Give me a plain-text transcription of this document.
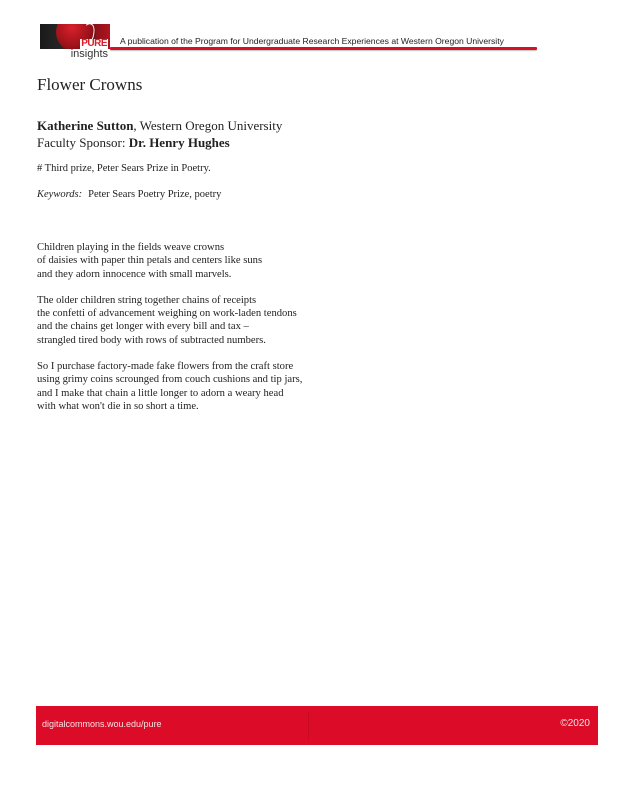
PURE
insights
A publication of the Program for Undergraduate Research Experiences at Western Oregon University
Flower Crowns
Katherine Sutton, Western Oregon University
Faculty Sponsor: Dr. Henry Hughes
# Third prize, Peter Sears Prize in Poetry.
Keywords: Peter Sears Poetry Prize, poetry
Children playing in the fields weave crowns
of daisies with paper thin petals and centers like suns
and they adorn innocence with small marvels.
The older children string together chains of receipts
the confetti of advancement weighing on work-laden tendons
and the chains get longer with every bill and tax –
strangled tired body with rows of subtracted numbers.
So I purchase factory-made fake flowers from the craft store
using grimy coins scrounged from couch cushions and tip jars,
and I make that chain a little longer to adorn a weary head
with what won't die in so short a time.
digitalcommons.wou.edu/pure	©2020
